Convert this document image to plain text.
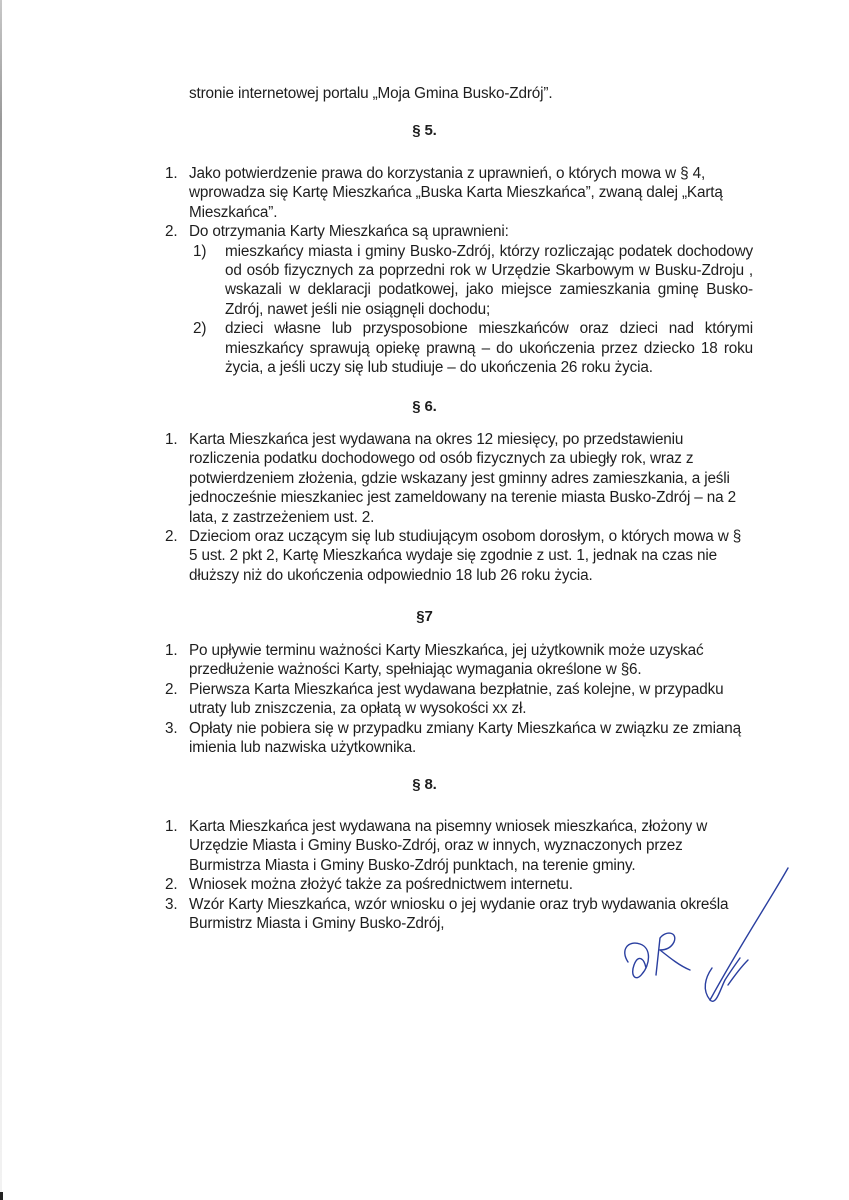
stronie internetowej portalu „Moja Gmina Busko-Zdrój”.
§ 5.
1. Jako potwierdzenie prawa do korzystania z uprawnień, o których mowa w § 4, wprowadza się Kartę Mieszkańca „Buska Karta Mieszkańca”, zwaną dalej „Kartą Mieszkańca”.
2. Do otrzymania Karty Mieszkańca są uprawnieni:
1) mieszkańcy miasta i gminy Busko-Zdrój, którzy rozliczając podatek dochodowy od osób fizycznych za poprzedni rok w Urzędzie Skarbowym w Busku-Zdroju , wskazali w deklaracji podatkowej, jako miejsce zamieszkania gminę Busko-Zdrój, nawet jeśli nie osiągnęli dochodu;
2) dzieci własne lub przysposobione mieszkańców oraz dzieci nad którymi mieszkańcy sprawują opiekę prawną – do ukończenia przez dziecko 18 roku życia, a jeśli uczy się lub studiuje – do ukończenia 26 roku życia.
§ 6.
1. Karta Mieszkańca jest wydawana na okres 12 miesięcy, po przedstawieniu rozliczenia podatku dochodowego od osób fizycznych za ubiegły rok, wraz z potwierdzeniem złożenia, gdzie wskazany jest gminny adres zamieszkania, a jeśli jednocześnie mieszkaniec jest zameldowany na terenie miasta Busko-Zdrój – na 2 lata, z zastrzeżeniem ust. 2.
2. Dzieciom oraz uczącym się lub studiującym osobom dorosłym, o których mowa w § 5 ust. 2 pkt 2, Kartę Mieszkańca wydaje się zgodnie z ust. 1, jednak na czas nie dłuższy niż do ukończenia odpowiednio 18 lub 26 roku życia.
§7
1. Po upływie terminu ważności Karty Mieszkańca, jej użytkownik może uzyskać przedłużenie ważności Karty, spełniając wymagania określone w §6.
2. Pierwsza Karta Mieszkańca jest wydawana bezpłatnie, zaś kolejne, w przypadku utraty lub zniszczenia, za opłatą w wysokości xx zł.
3. Opłaty nie pobiera się w przypadku zmiany Karty Mieszkańca w związku ze zmianą imienia lub nazwiska użytkownika.
§ 8.
1. Karta Mieszkańca jest wydawana na pisemny wniosek mieszkańca, złożony w Urzędzie Miasta i Gminy Busko-Zdrój, oraz w innych, wyznaczonych przez Burmistrza Miasta i Gminy Busko-Zdrój punktach, na terenie gminy.
2. Wniosek można złożyć także za pośrednictwem internetu.
3. Wzór Karty Mieszkańca, wzór wniosku o jej wydanie oraz tryb wydawania określa Burmistrz Miasta i Gminy Busko-Zdrój,
